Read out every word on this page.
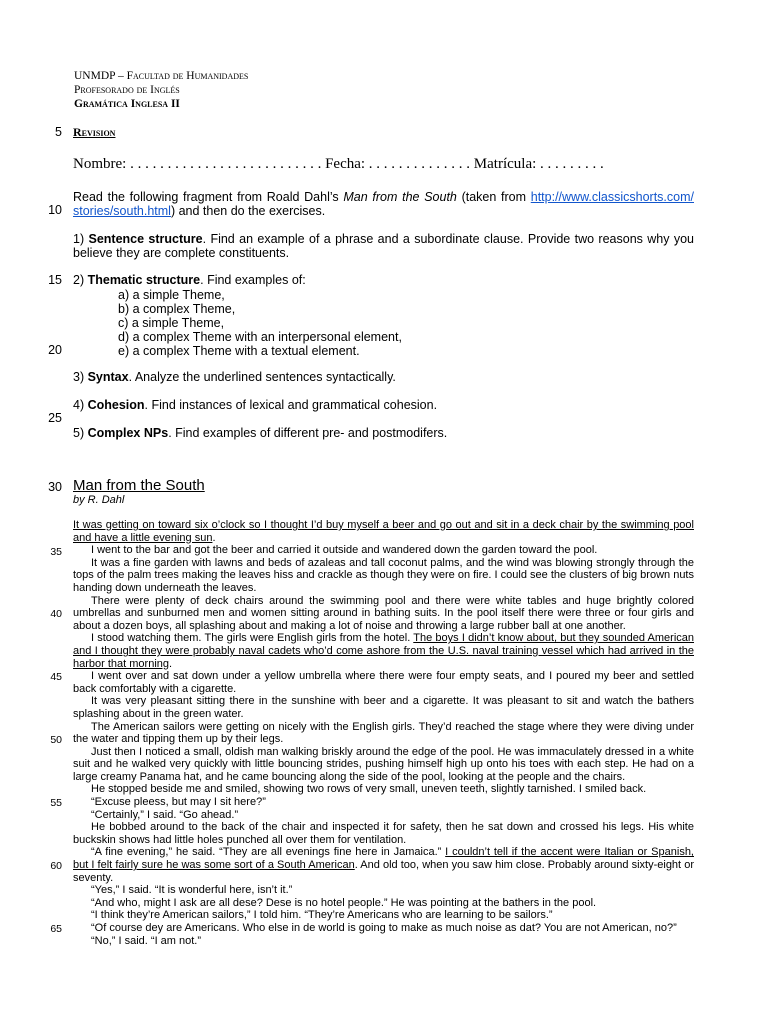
UNMDP – Facultad de Humanidades
Profesorado de Inglés
Gramática Inglesa II
5
10
15
20
25
30
35
40
45
50
55
60
65
Revision
Nombre: . . . . . . . . . . . . . . . . . . . . . . . . . . Fecha: . . . . . . . . . . . . . . Matrícula: . . . . . . . . .
Read the following fragment from Roald Dahl’s Man from the South (taken from http://www.classicshorts.com/ stories/south.html) and then do the exercises.
1) Sentence structure. Find an example of a phrase and a subordinate clause. Provide two reasons why you believe they are complete constituents.
2) Thematic structure. Find examples of:
a) a simple Theme,
b) a complex Theme,
c) a simple Theme,
d) a complex Theme with an interpersonal element,
e) a complex Theme with a textual element.
3) Syntax. Analyze the underlined sentences syntactically.
4) Cohesion. Find instances of lexical and grammatical cohesion.
5) Complex NPs. Find examples of different pre- and postmodifers.
Man from the South
by R. Dahl

It was getting on toward six o’clock so I thought I’d buy myself a beer and go out and sit in a deck chair by the swimming pool and have a little evening sun.

I went to the bar and got the beer and carried it outside and wandered down the garden toward the pool.

It was a fine garden with lawns and beds of azaleas and tall coconut palms, and the wind was blowing strongly through the tops of the palm trees making the leaves hiss and crackle as though they were on fire. I could see the clusters of big brown nuts handing down underneath the leaves.

There were plenty of deck chairs around the swimming pool and there were white tables and huge brightly colored umbrellas and sunburned men and women sitting around in bathing suits. In the pool itself there were three or four girls and about a dozen boys, all splashing about and making a lot of noise and throwing a large rubber ball at one another.

I stood watching them. The girls were English girls from the hotel. The boys I didn’t know about, but they sounded American and I thought they were probably naval cadets who’d come ashore from the U.S. naval training vessel which had arrived in the harbor that morning.

I went over and sat down under a yellow umbrella where there were four empty seats, and I poured my beer and settled back comfortably with a cigarette.

It was very pleasant sitting there in the sunshine with beer and a cigarette. It was pleasant to sit and watch the bathers splashing about in the green water.

The American sailors were getting on nicely with the English girls. They’d reached the stage where they were diving under the water and tipping them up by their legs.

Just then I noticed a small, oldish man walking briskly around the edge of the pool. He was immaculately dressed in a white suit and he walked very quickly with little bouncing strides, pushing himself high up onto his toes with each step. He had on a large creamy Panama hat, and he came bouncing along the side of the pool, looking at the people and the chairs.

He stopped beside me and smiled, showing two rows of very small, uneven teeth, slightly tarnished. I smiled back.

“Excuse pleess, but may I sit here?”

“Certainly,” I said. “Go ahead.”

He bobbed around to the back of the chair and inspected it for safety, then he sat down and crossed his legs. His white buckskin shows had little holes punched all over them for ventilation.

“A fine evening,” he said. “They are all evenings fine here in Jamaica.” I couldn’t tell if the accent were Italian or Spanish, but I felt fairly sure he was some sort of a South American. And old too, when you saw him close. Probably around sixty-eight or seventy.

“Yes,” I said. “It is wonderful here, isn’t it.”

“And who, might I ask are all dese? Dese is no hotel people.” He was pointing at the bathers in the pool.

“I think they’re American sailors,” I told him. “They’re Americans who are learning to be sailors.”

“Of course dey are Americans. Who else in de world is going to make as much noise as dat? You are not American, no?”

“No,” I said. “I am not.”
